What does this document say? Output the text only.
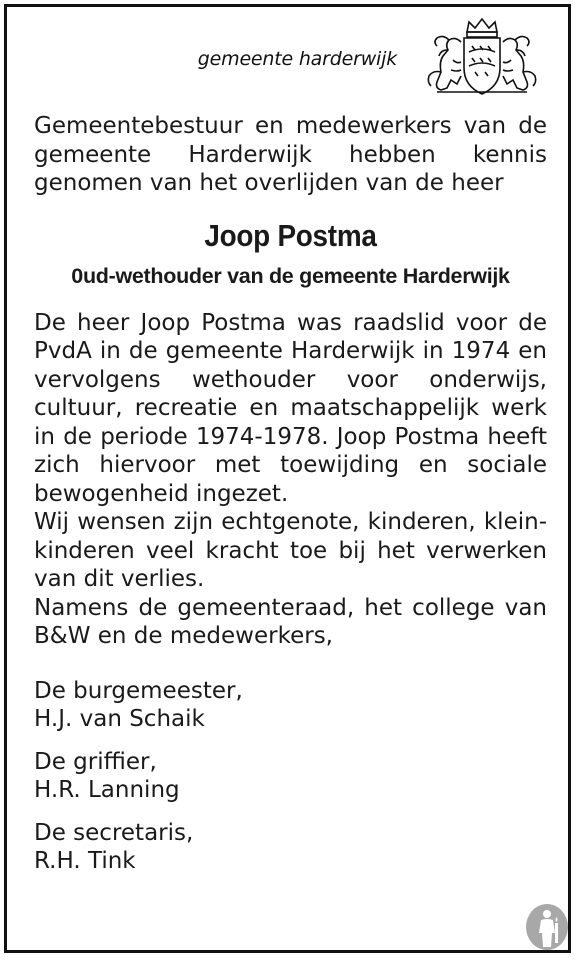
gemeente harderwijk

Gemeentebestuur en medewerkers van de gemeente Harderwijk hebben kennis genomen van het overlijden van de heer

Joop Postma
0ud-wethouder van de gemeente Harderwijk

De heer Joop Postma was raadslid voor de PvdA in de gemeente Harderwijk in 1974 en vervolgens wethouder voor onderwijs, cultuur, recreatie en maatschappelijk werk in de periode 1974-1978. Joop Postma heeft zich hiervoor met toewijding en sociale bewogenheid ingezet.

Wij wensen zijn echtgenote, kinderen, kleinkinderen veel kracht toe bij het verwerken van dit verlies.

Namens de gemeenteraad, het college van B&W en de medewerkers,

De burgemeester,
H.J. van Schaik
De griffier,
H.R. Lanning
De secretaris,
R.H. Tink
